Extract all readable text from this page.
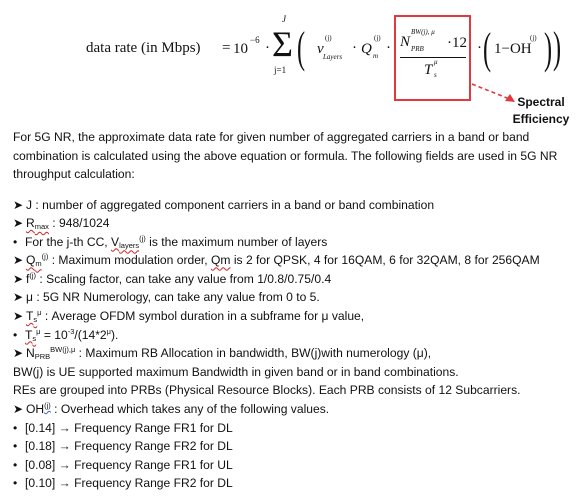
data rate (in Mbps) = 10
−6 ·
J
Σ
j=1 ( v
(j)
Layers
· Q
(j)
m · N
BW(j), μ
PRB ·12
T μ
s
· ( 1−OH
(j) ) )
Spectral Efficiency

For 5G NR, the approximate data rate for given number of aggregated carriers in a band or band combination is calculated using the above equation or formula. The following fields are used in 5G NR throughput calculation:

➤ J : number of aggregated component carriers in a band or band combination
➤ $R_{max}$ : 948/1024
• For the j-th CC, $V_{layers}^{(j)}$ is the maximum number of layers
➤ $Q_m^{(j)}$ : Maximum modulation order, Qm is 2 for QPSK, 4 for 16QAM, 6 for 32QAM, 8 for 256QAM
➤ $f^{(j)}$ : Scaling factor, can take any value from 1/0.8/0.75/0.4
➤ μ : 5G NR Numerology, can take any value from 0 to 5.
➤ $T_s^\mu$ : Average OFDM symbol duration in a subframe for μ value,
• $T_s^\mu = 10^{-3}/(14*2^\mu)$.
➤ $N_{PRB}^{BW(j),\mu}$ : Maximum RB Allocation in bandwidth, BW(j)with numerology (μ),
BW(j) is UE supported maximum Bandwidth in given band or in band combinations.
REs are grouped into PRBs (Physical Resource Blocks). Each PRB consists of 12 Subcarriers.
➤ OH$^{(j)}$ : Overhead which takes any of the following values.
• [0.14] → Frequency Range FR1 for DL
• [0.18] → Frequency Range FR2 for DL
• [0.08] → Frequency Range FR1 for UL
• [0.10] → Frequency Range FR2 for DL
